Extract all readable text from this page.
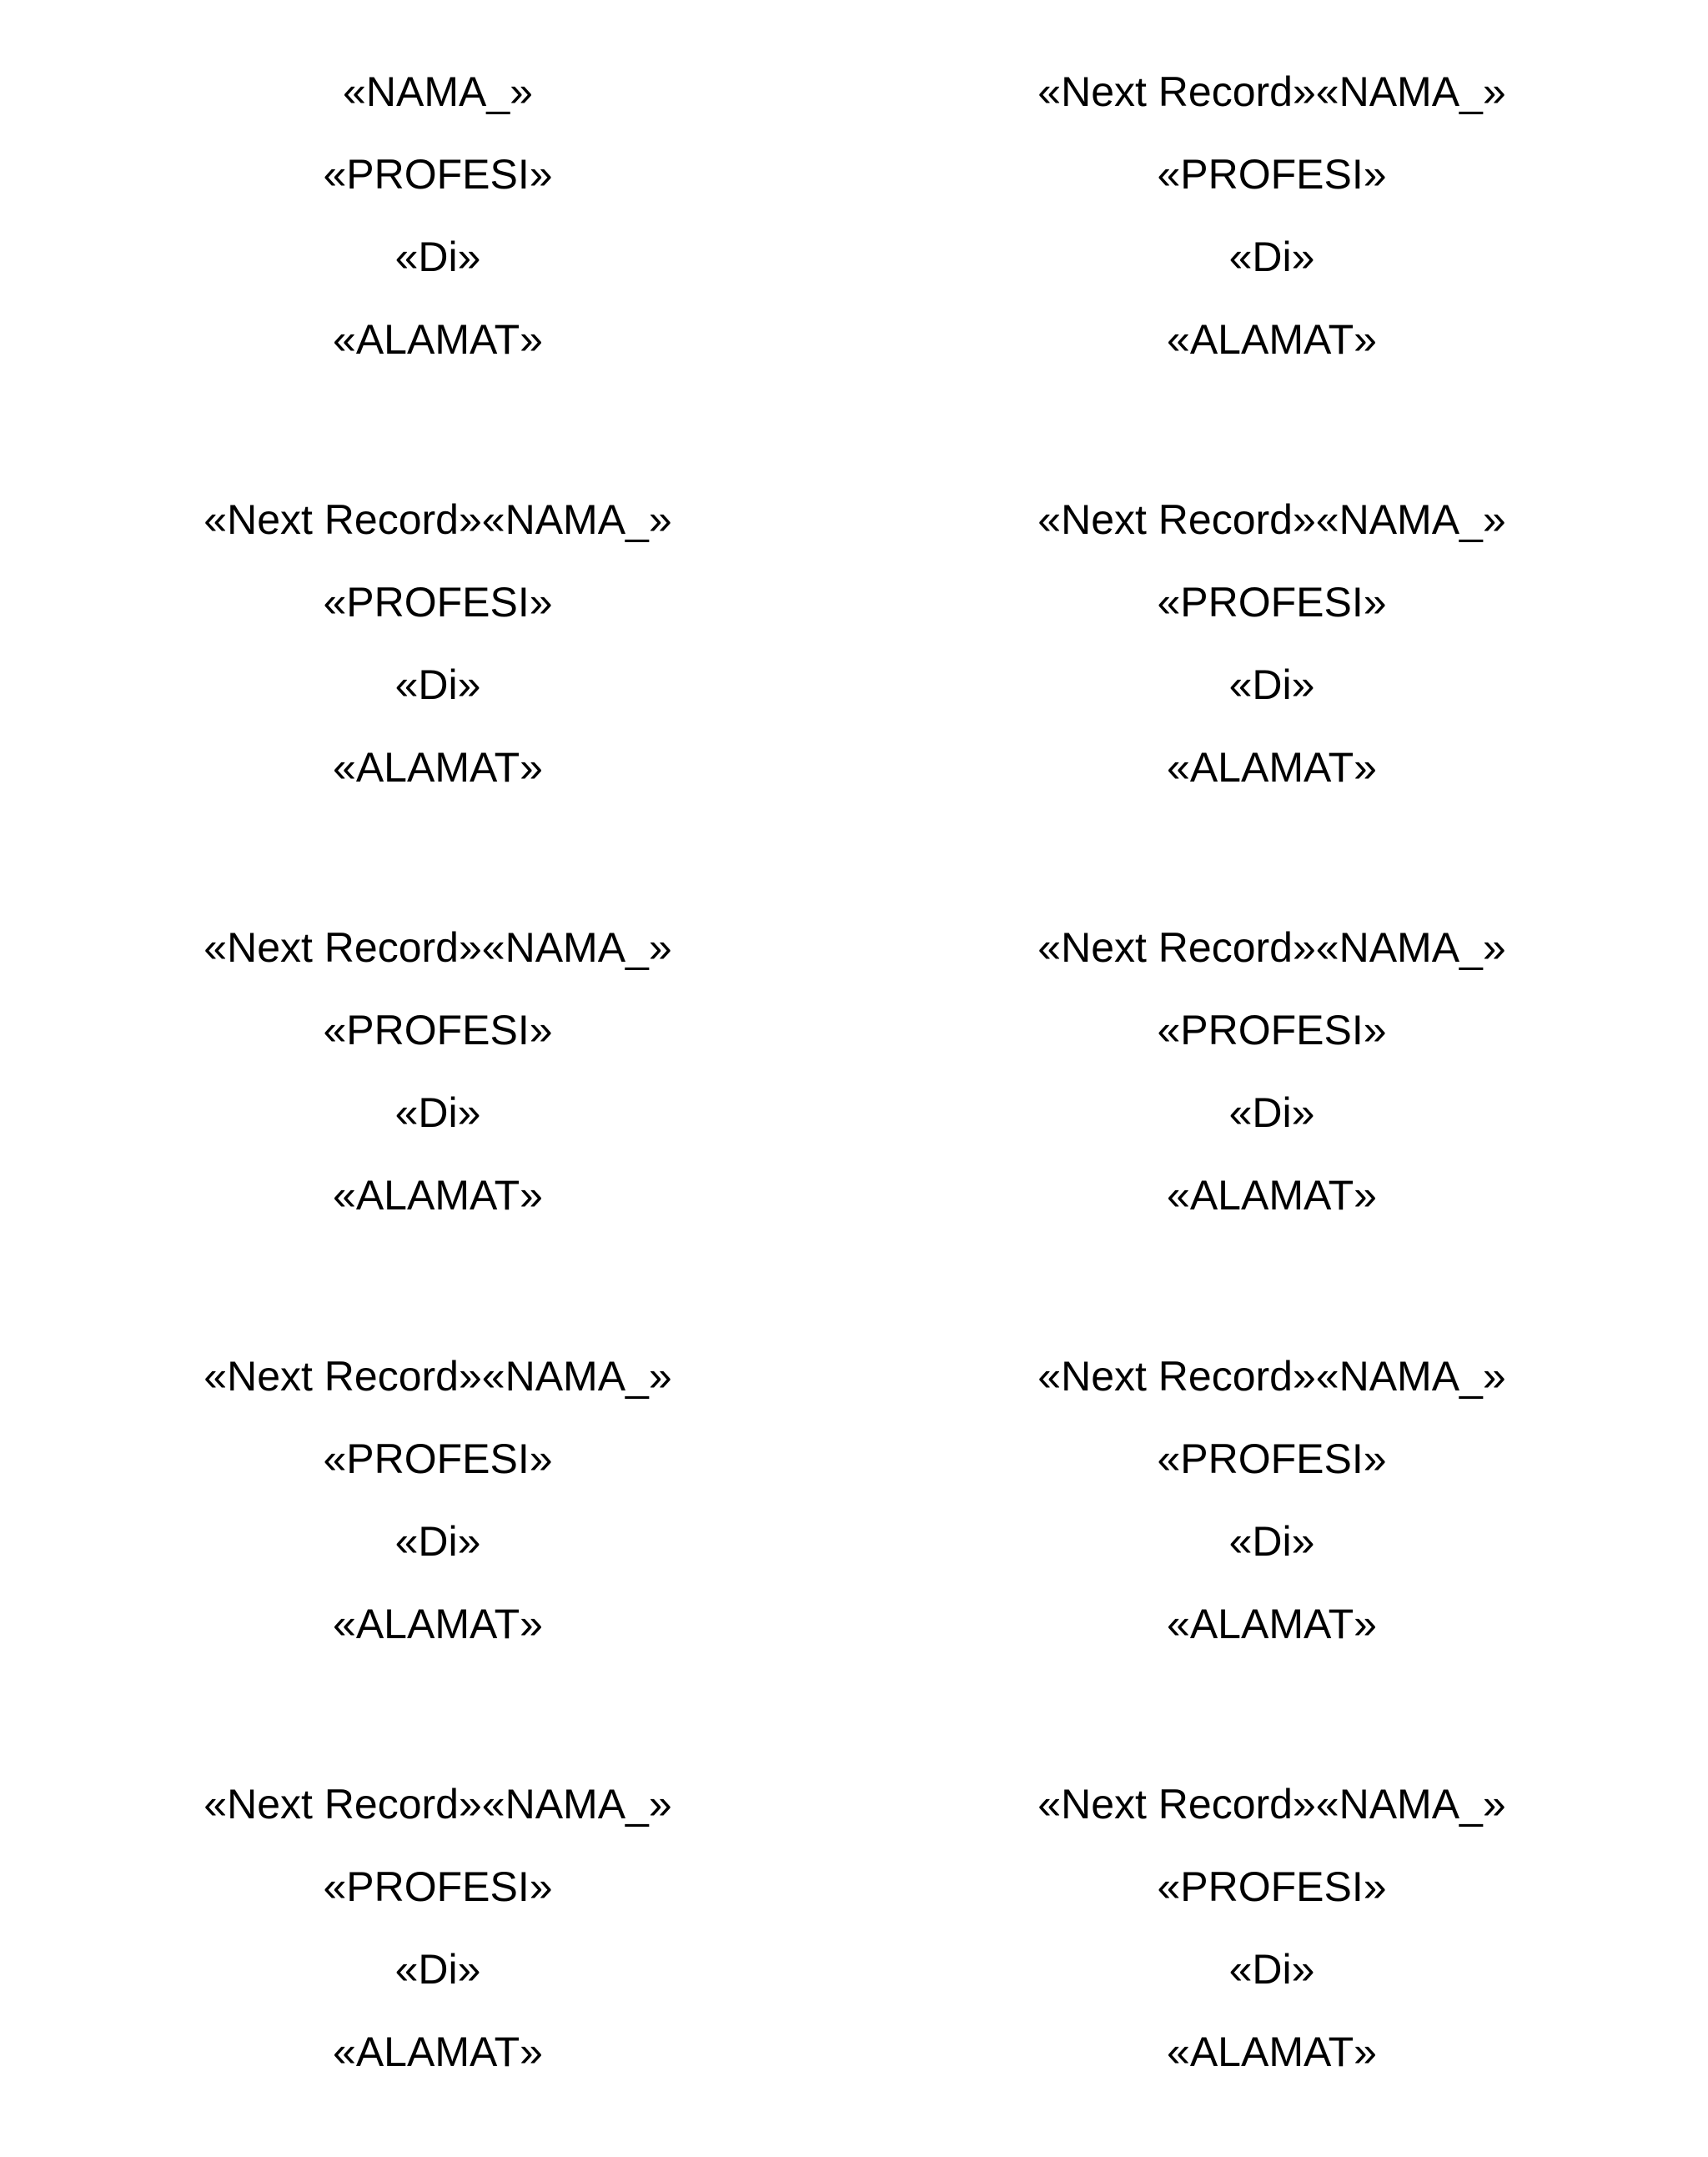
«NAMA_»
«PROFESI»
«Di»
«ALAMAT»
«Next Record»«NAMA_»
«PROFESI»
«Di»
«ALAMAT»
«Next Record»«NAMA_»
«PROFESI»
«Di»
«ALAMAT»
«Next Record»«NAMA_»
«PROFESI»
«Di»
«ALAMAT»
«Next Record»«NAMA_»
«PROFESI»
«Di»
«ALAMAT»
«Next Record»«NAMA_»
«PROFESI»
«Di»
«ALAMAT»
«Next Record»«NAMA_»
«PROFESI»
«Di»
«ALAMAT»
«Next Record»«NAMA_»
«PROFESI»
«Di»
«ALAMAT»
«Next Record»«NAMA_»
«PROFESI»
«Di»
«ALAMAT»
«Next Record»«NAMA_»
«PROFESI»
«Di»
«ALAMAT»
